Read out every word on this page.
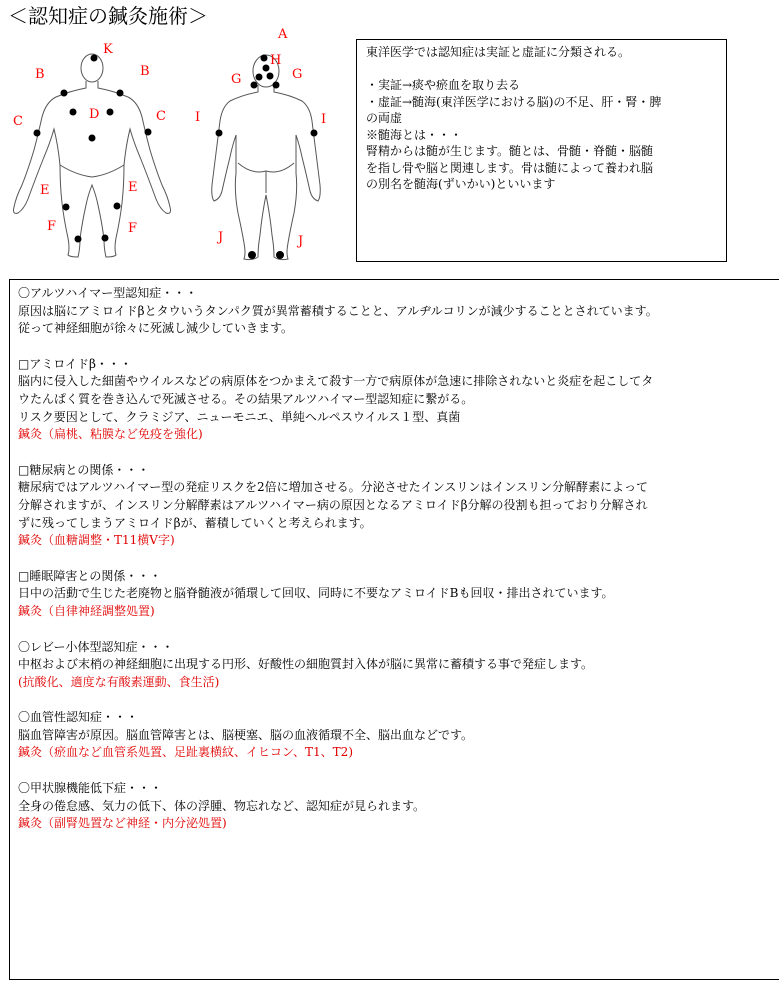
＜認知症の鍼灸施術＞
K
B	B
D
C	C
E	E
F	F
A
H
G	G
I	I
J	J

東洋医学では認知症は実証と虚証に分類される。

・実証→痰や瘀血を取り去る

・虚証→髄海(東洋医学における脳)の不足、肝・腎・脾

の両虚

※髄海とは・・・

腎精からは髄が生じます。髄とは、骨髄・脊髄・脳髄

を指し骨や脳と関連します。骨は髄によって養われ脳

の別名を髄海(ずいかい)といいます

〇アルツハイマー型認知症・・・

原因は脳にアミロイドβとタウいうタンパク質が異常蓄積することと、アルヂルコリンが減少することとされています。

従って神経細胞が徐々に死滅し減少していきます。

□アミロイドβ・・・

脳内に侵入した細菌やウイルスなどの病原体をつかまえて殺す一方で病原体が急速に排除されないと炎症を起こしてタ

ウたんぱく質を巻き込んで死滅させる。その結果アルツハイマー型認知症に繋がる。

リスク要因として、クラミジア、ニューモニエ、単純ヘルペスウイルス１型、真菌

鍼灸（扁桃、粘膜など免疫を強化)

□糖尿病との関係・・・

糖尿病ではアルツハイマー型の発症リスクを2倍に増加させる。分泌させたインスリンはインスリン分解酵素によって

分解されますが、インスリン分解酵素はアルツハイマー病の原因となるアミロイドβ分解の役割も担っており分解され

ずに残ってしまうアミロイドβが、蓄積していくと考えられます。

鍼灸（血糖調整・T11横V字)

□睡眠障害との関係・・・

日中の活動で生じた老廃物と脳脊髄液が循環して回収、同時に不要なアミロイドBも回収・排出されています。

鍼灸（自律神経調整処置)

〇レビー小体型認知症・・・

中枢および末梢の神経細胞に出現する円形、好酸性の細胞質封入体が脳に異常に蓄積する事で発症します。

(抗酸化、適度な有酸素運動、食生活)

〇血管性認知症・・・

脳血管障害が原因。脳血管障害とは、脳梗塞、脳の血液循環不全、脳出血などです。

鍼灸（瘀血など血管系処置、足趾裏横紋、イヒコン、T1、T2)

〇甲状腺機能低下症・・・

全身の倦怠感、気力の低下、体の浮腫、物忘れなど、認知症が見られます。

鍼灸（副腎処置など神経・内分泌処置)
